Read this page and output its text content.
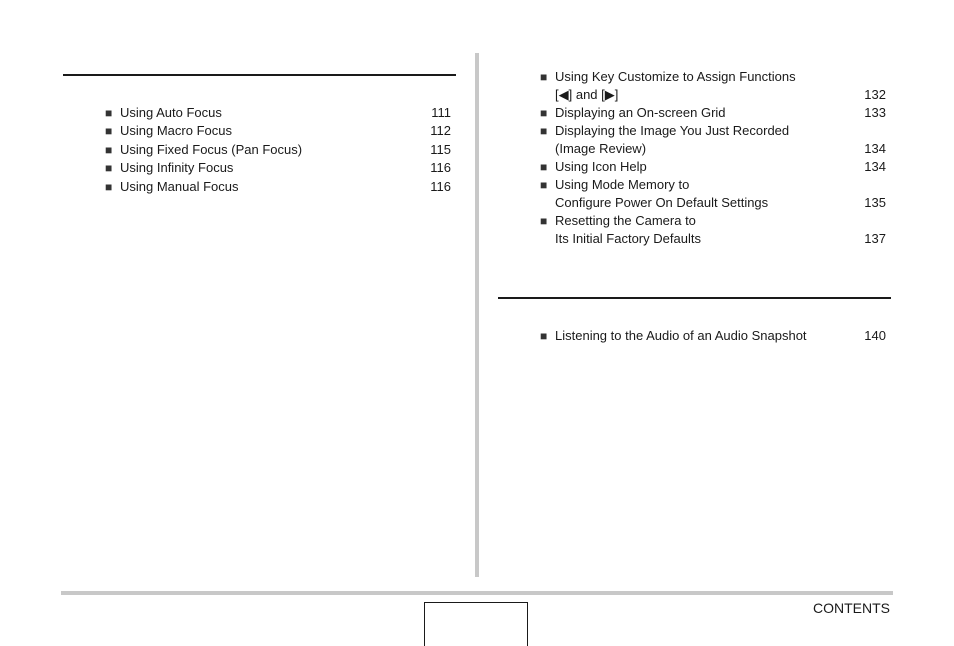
■ Using Auto Focus	111
■ Using Macro Focus	112
■ Using Fixed Focus (Pan Focus)	115
■ Using Infinity Focus	116
■ Using Manual Focus	116
■ Using Key Customize to Assign Functions
[◀] and [▶]	132
■ Displaying an On-screen Grid	133
■ Displaying the Image You Just Recorded
(Image Review)	134
■ Using Icon Help	134
■ Using Mode Memory to
Configure Power On Default Settings	135
■ Resetting the Camera to
Its Initial Factory Defaults	137
■ Listening to the Audio of an Audio Snapshot	140
CONTENTS
